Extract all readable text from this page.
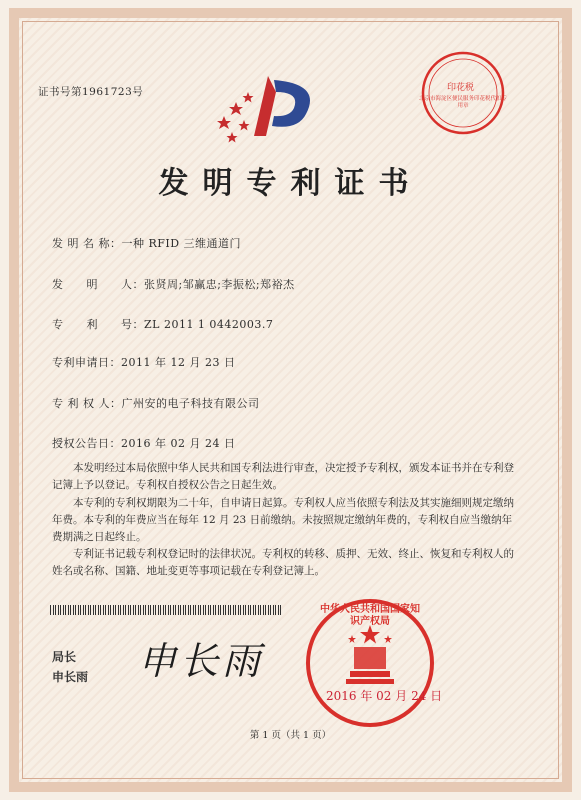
证书号第1961723号	印花税
北京市海淀区便民服务印花税代扣专用章
发明专利证书
发 明 名 称：一种 RFID 三维通道门
发　　明　　人：张贤周;邹赢忠;李振松;郑裕杰
专　　利　　号：ZL 2011 1 0442003.7
专利申请日：2011 年 12 月 23 日
专 利 权 人：广州安的电子科技有限公司
授权公告日：2016 年 02 月 24 日
本发明经过本局依照中华人民共和国专利法进行审查，决定授予专利权，颁发本证书并在专利登记簿上予以登记。专利权自授权公告之日起生效。
本专利的专利权期限为二十年，自申请日起算。专利权人应当依照专利法及其实施细则规定缴纳年费。本专利的年费应当在每年 12 月 23 日前缴纳。未按照规定缴纳年费的，专利权自应当缴纳年费期满之日起终止。
专利证书记载专利权登记时的法律状况。专利权的转移、质押、无效、终止、恢复和专利权人的姓名或名称、国籍、地址变更等事项记载在专利登记簿上。
局长
申长雨 申长雨
中华人民共和国国家知识产权局
2016 年 02 月 24 日
第 1 页（共 1 页）
